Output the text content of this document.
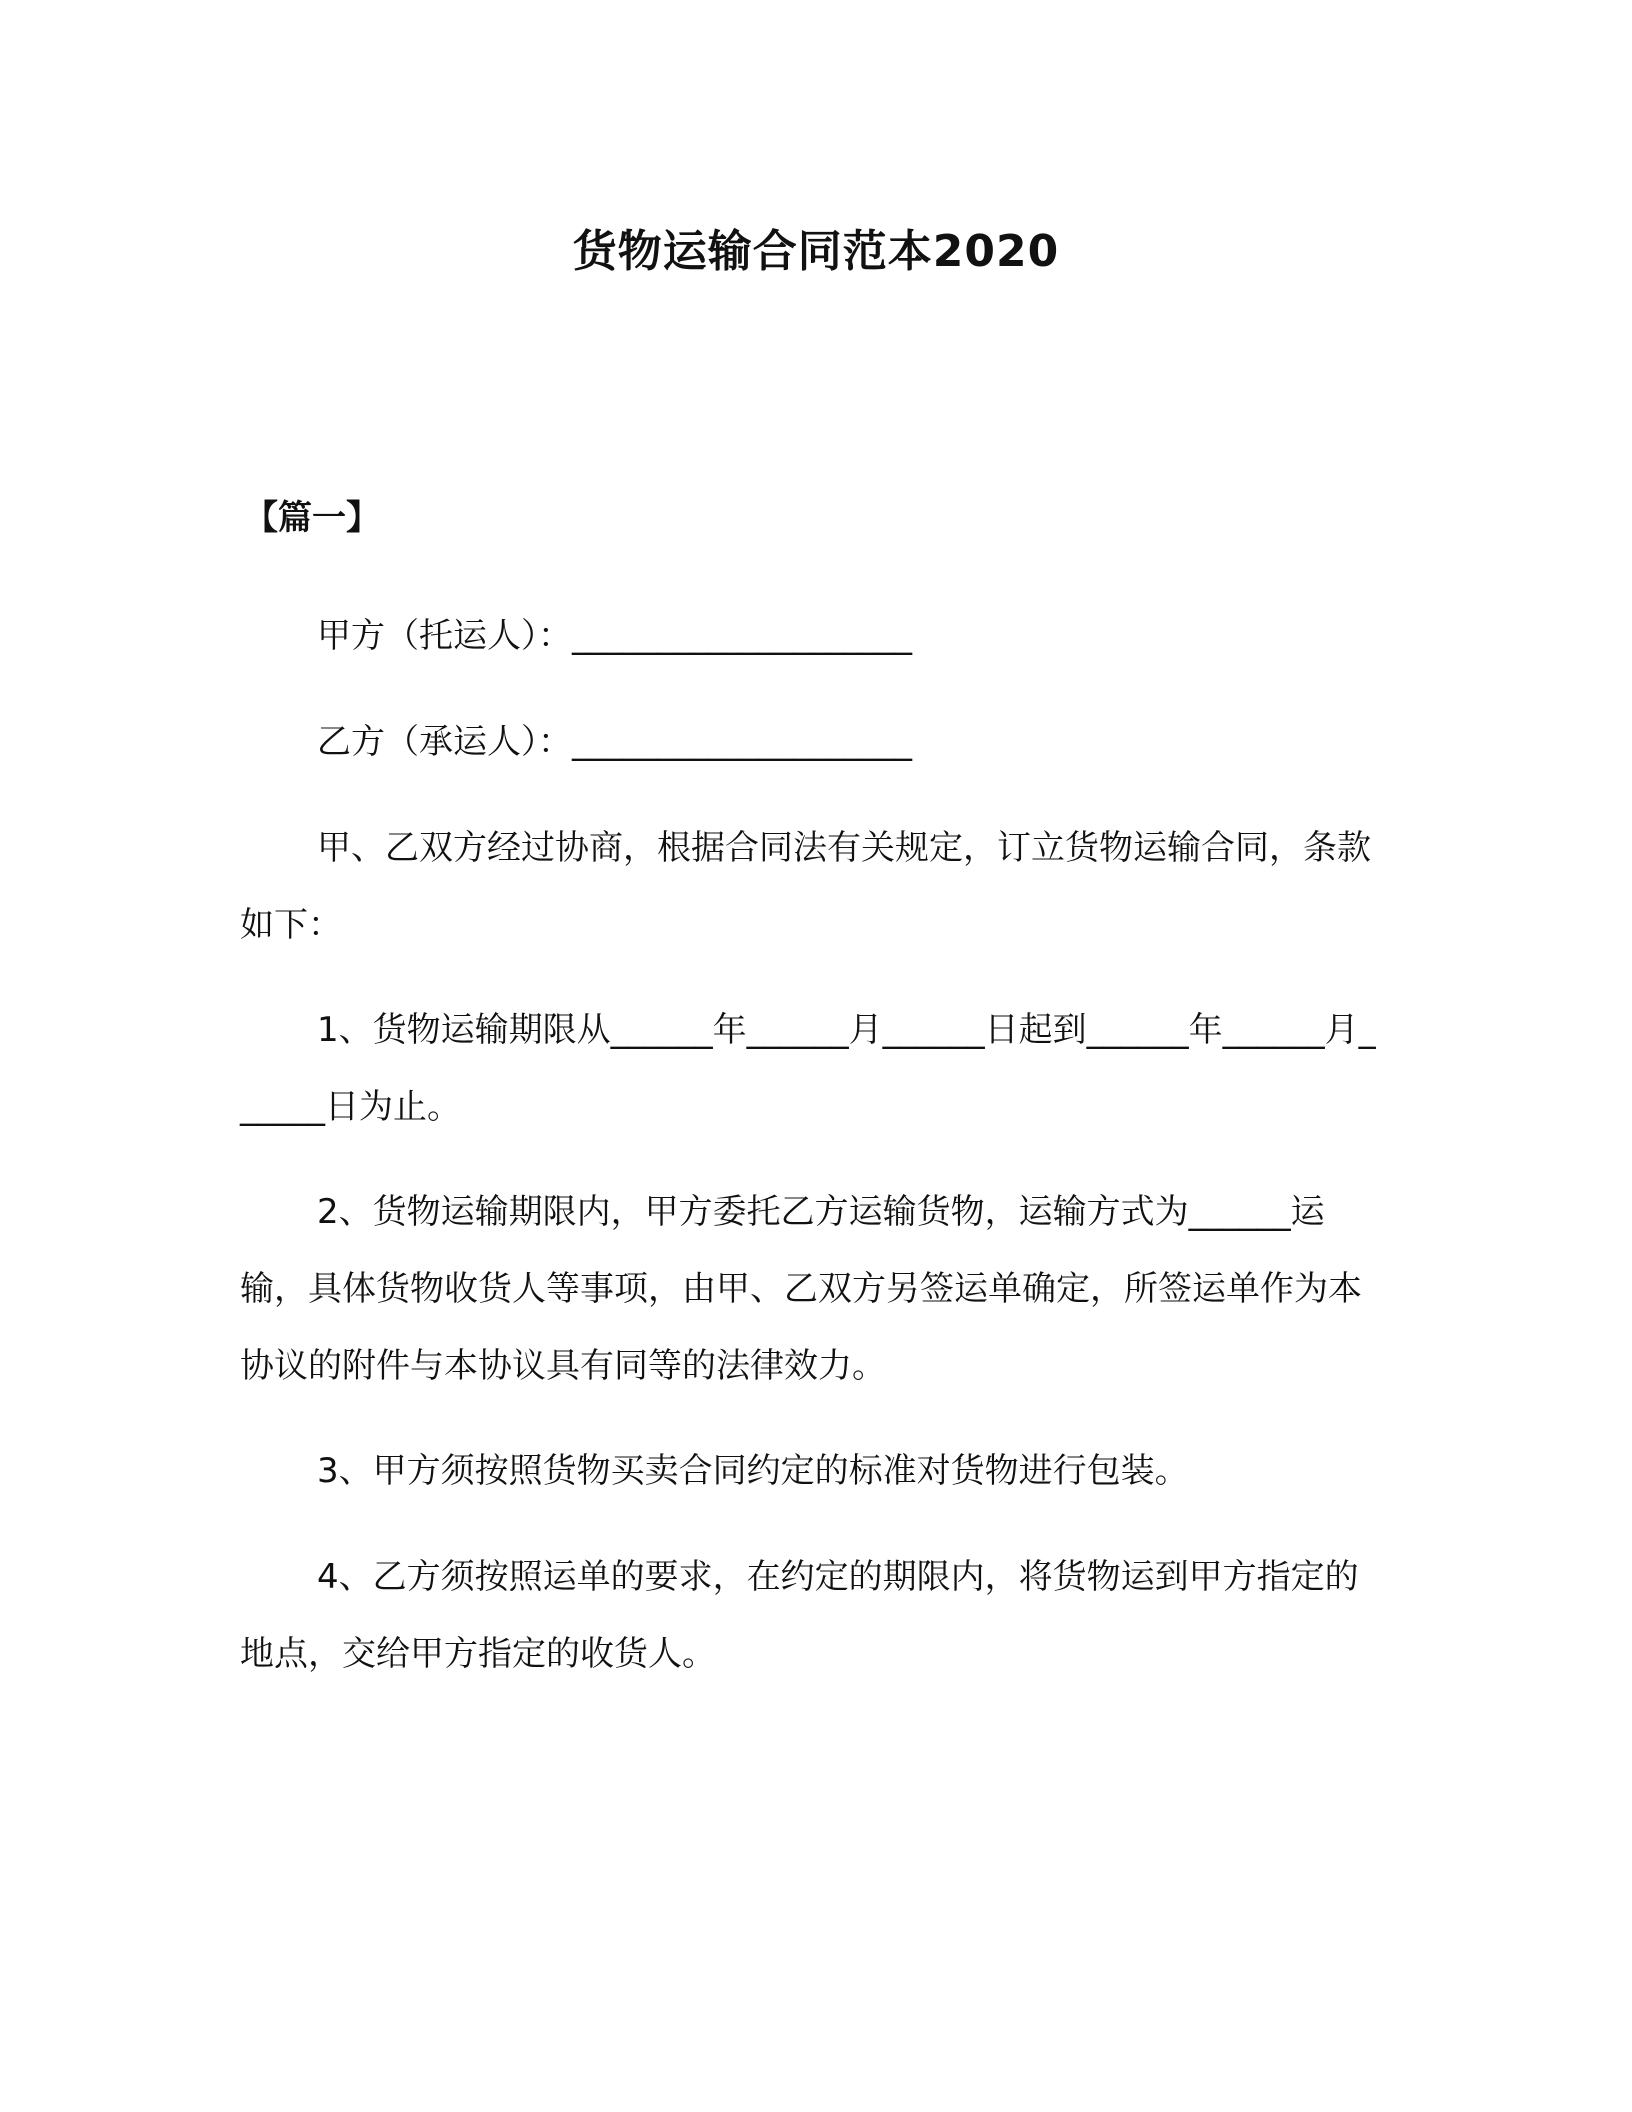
货物运输合同范本2020
【篇一】

甲方（托运人）：____________________

乙方（承运人）：____________________

甲、乙双方经过协商，根据合同法有关规定，订立货物运输合同，条款如下：

1、货物运输期限从______年______月______日起到______年______月______日为止。

2、货物运输期限内，甲方委托乙方运输货物，运输方式为______运输，具体货物收货人等事项，由甲、乙双方另签运单确定，所签运单作为本协议的附件与本协议具有同等的法律效力。

3、甲方须按照货物买卖合同约定的标准对货物进行包装。

4、乙方须按照运单的要求，在约定的期限内，将货物运到甲方指定的地点，交给甲方指定的收货人。
